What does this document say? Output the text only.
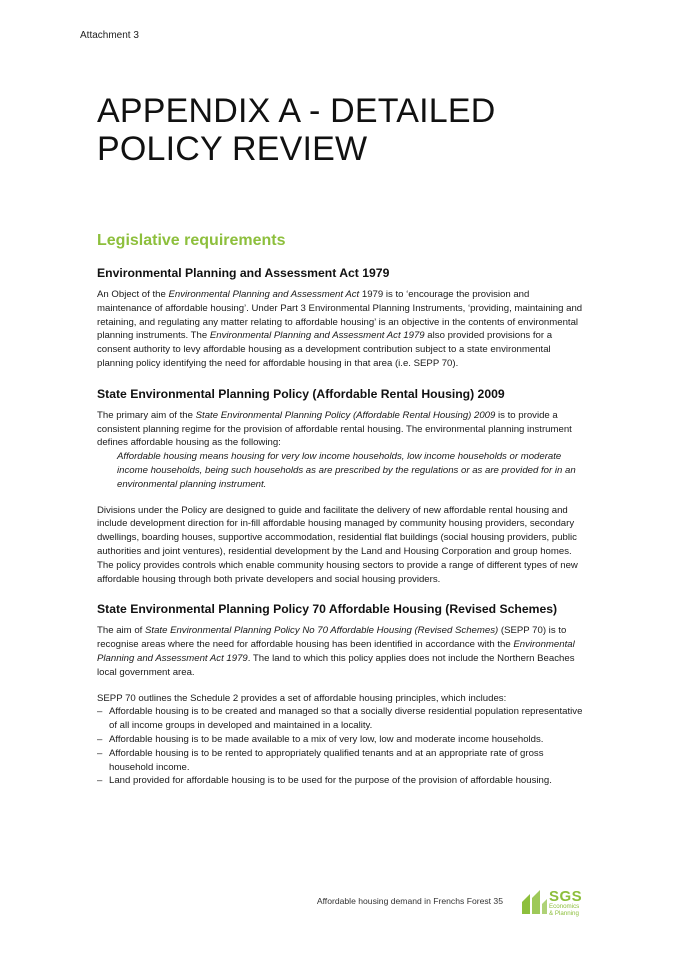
Attachment 3
APPENDIX A - DETAILED
POLICY REVIEW
Legislative requirements
Environmental Planning and Assessment Act 1979

An Object of the Environmental Planning and Assessment Act 1979 is to ‘encourage the provision and maintenance of affordable housing’. Under Part 3 Environmental Planning Instruments, ‘providing, maintaining and retaining, and regulating any matter relating to affordable housing’ is an objective in the contents of environmental planning instruments. The Environmental Planning and Assessment Act 1979 also provided provisions for a consent authority to levy affordable housing as a development contribution subject to a state environmental planning policy identifying the need for affordable housing in that area (i.e. SEPP 70).

State Environmental Planning Policy (Affordable Rental Housing) 2009

The primary aim of the State Environmental Planning Policy (Affordable Rental Housing) 2009 is to provide a consistent planning regime for the provision of affordable rental housing. The environmental planning instrument defines affordable housing as the following:

Affordable housing means housing for very low income households, low income households or moderate income households, being such households as are prescribed by the regulations or as are provided for in an environmental planning instrument.

Divisions under the Policy are designed to guide and facilitate the delivery of new affordable rental housing and include development direction for in-fill affordable housing managed by community housing providers, secondary dwellings, boarding houses, supportive accommodation, residential flat buildings (social housing providers, public authorities and joint ventures), residential development by the Land and Housing Corporation and group homes. The policy provides controls which enable community housing sectors to provide a range of different types of new affordable housing through both private developers and social housing providers.

State Environmental Planning Policy 70 Affordable Housing (Revised Schemes)

The aim of State Environmental Planning Policy No 70 Affordable Housing (Revised Schemes) (SEPP 70) is to recognise areas where the need for affordable housing has been identified in accordance with the Environmental Planning and Assessment Act 1979. The land to which this policy applies does not include the Northern Beaches local government area.

SEPP 70 outlines the Schedule 2 provides a set of affordable housing principles, which includes:

– Affordable housing is to be created and managed so that a socially diverse residential population representative of all income groups in developed and maintained in a locality.
– Affordable housing is to be made available to a mix of very low, low and moderate income households.
– Affordable housing is to be rented to appropriately qualified tenants and at an appropriate rate of gross household income.
– Land provided for affordable housing is to be used for the purpose of the provision of affordable housing.
Affordable housing demand in Frenchs Forest 35	SGS
Economics
& Planning
